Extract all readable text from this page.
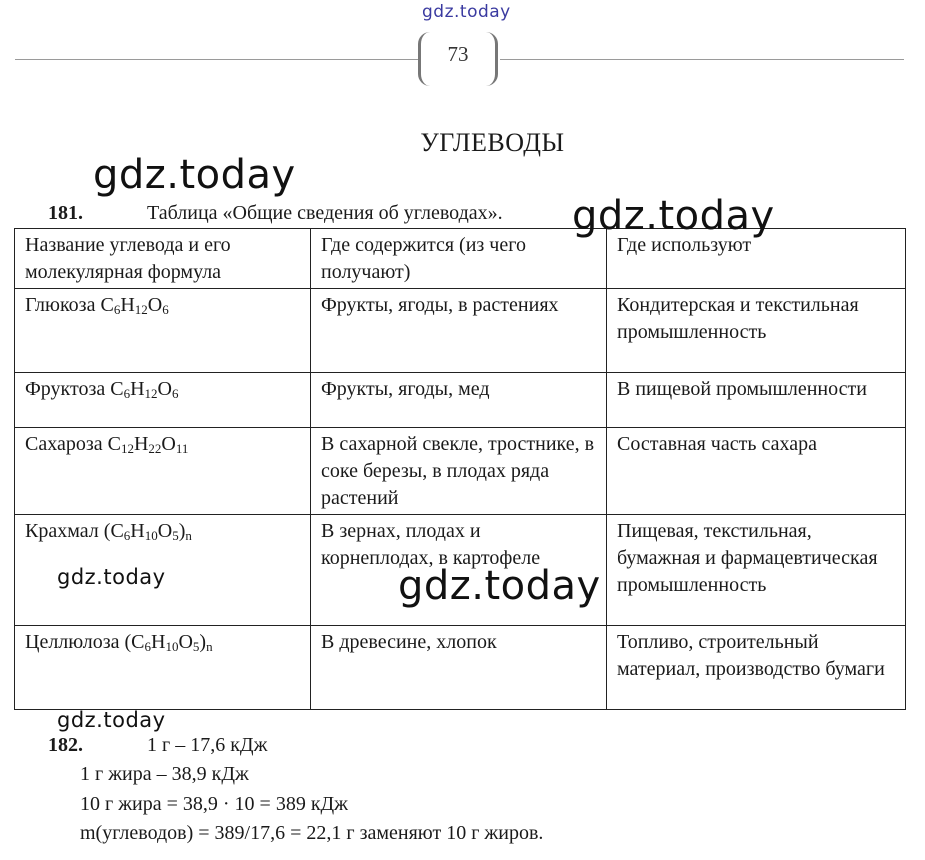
gdz.today
73
УГЛЕВОДЫ
gdz.today
181.	Таблица «Общие сведения об углеводах».
Название углевода и его молекулярная формула	Где содержится (из чего получают)	Где используют
Глюкоза $C_6H_{12}O_6$	Фрукты, ягоды, в растениях	Кондитерская и текстильная промышленность
Фруктоза $C_6H_{12}O_6$	Фрукты, ягоды, мед	В пищевой промышленности
Сахароза $C_{12}H_{22}O_{11}$	В сахарной свекле, тростнике, в соке березы, в плодах ряда растений	Составная часть сахара
Крахмал $(C_6H_{10}O_5)_n$	В зернах, плодах и корнеплодах, в картофеле	Пищевая, текстильная, бумажная и фармацевтическая промышленность
Целлюлоза $(C_6H_{10}O_5)_n$	В древесине, хлопок	Топливо, строительный материал, производство бумаги
gdz.today
gdz.today	gdz.today
gdz.today
182.	1 г – 17,6 кДж
1 г жира – 38,9 кДж
10 г жира = 38,9 · 10 = 389 кДж
m(углеводов) = 389/17,6 = 22,1 г заменяют 10 г жиров.
